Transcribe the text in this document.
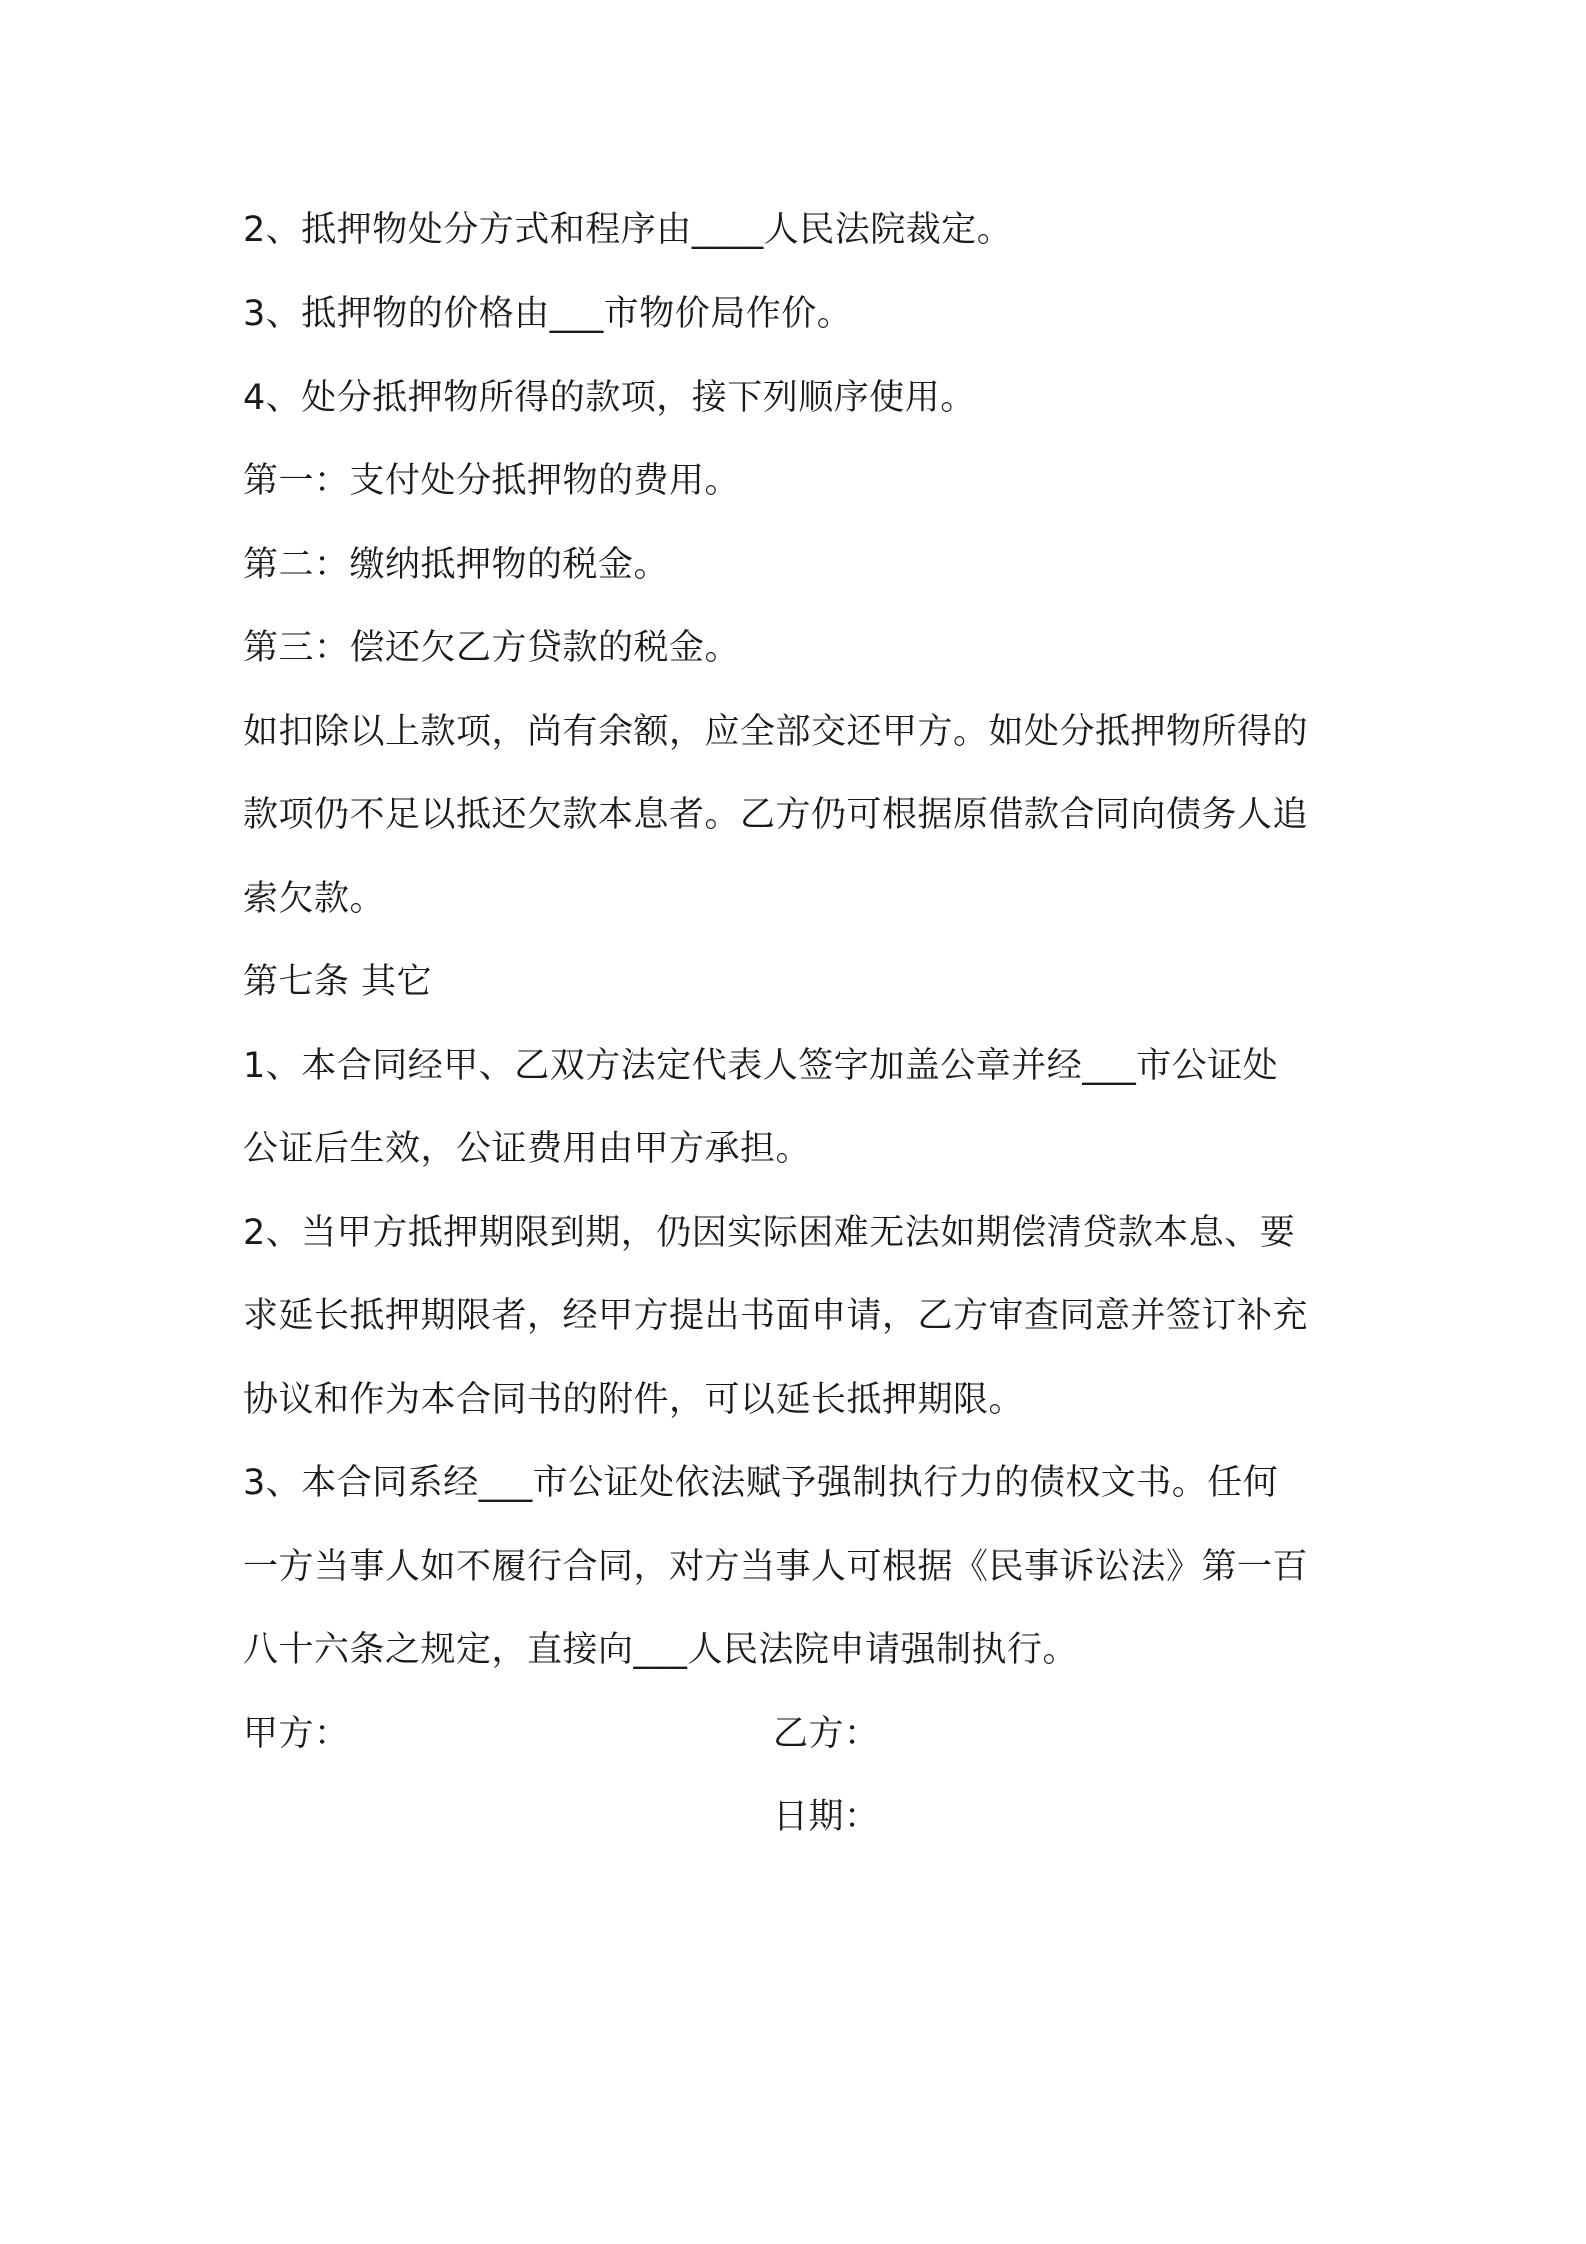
2、抵押物处分方式和程序由____人民法院裁定。
3、抵押物的价格由___市物价局作价。
4、处分抵押物所得的款项，接下列顺序使用。
第一：支付处分抵押物的费用。
第二：缴纳抵押物的税金。
第三：偿还欠乙方贷款的税金。
如扣除以上款项，尚有余额，应全部交还甲方。如处分抵押物所得的
款项仍不足以抵还欠款本息者。乙方仍可根据原借款合同向债务人追
索欠款。
第七条 其它
1、本合同经甲、乙双方法定代表人签字加盖公章并经___市公证处
公证后生效，公证费用由甲方承担。
2、当甲方抵押期限到期，仍因实际困难无法如期偿清贷款本息、要
求延长抵押期限者，经甲方提出书面申请，乙方审查同意并签订补充
协议和作为本合同书的附件，可以延长抵押期限。
3、本合同系经___市公证处依法赋予强制执行力的债权文书。任何
一方当事人如不履行合同，对方当事人可根据《民事诉讼法》第一百
八十六条之规定，直接向___人民法院申请强制执行。
甲方：	乙方：
日期：
